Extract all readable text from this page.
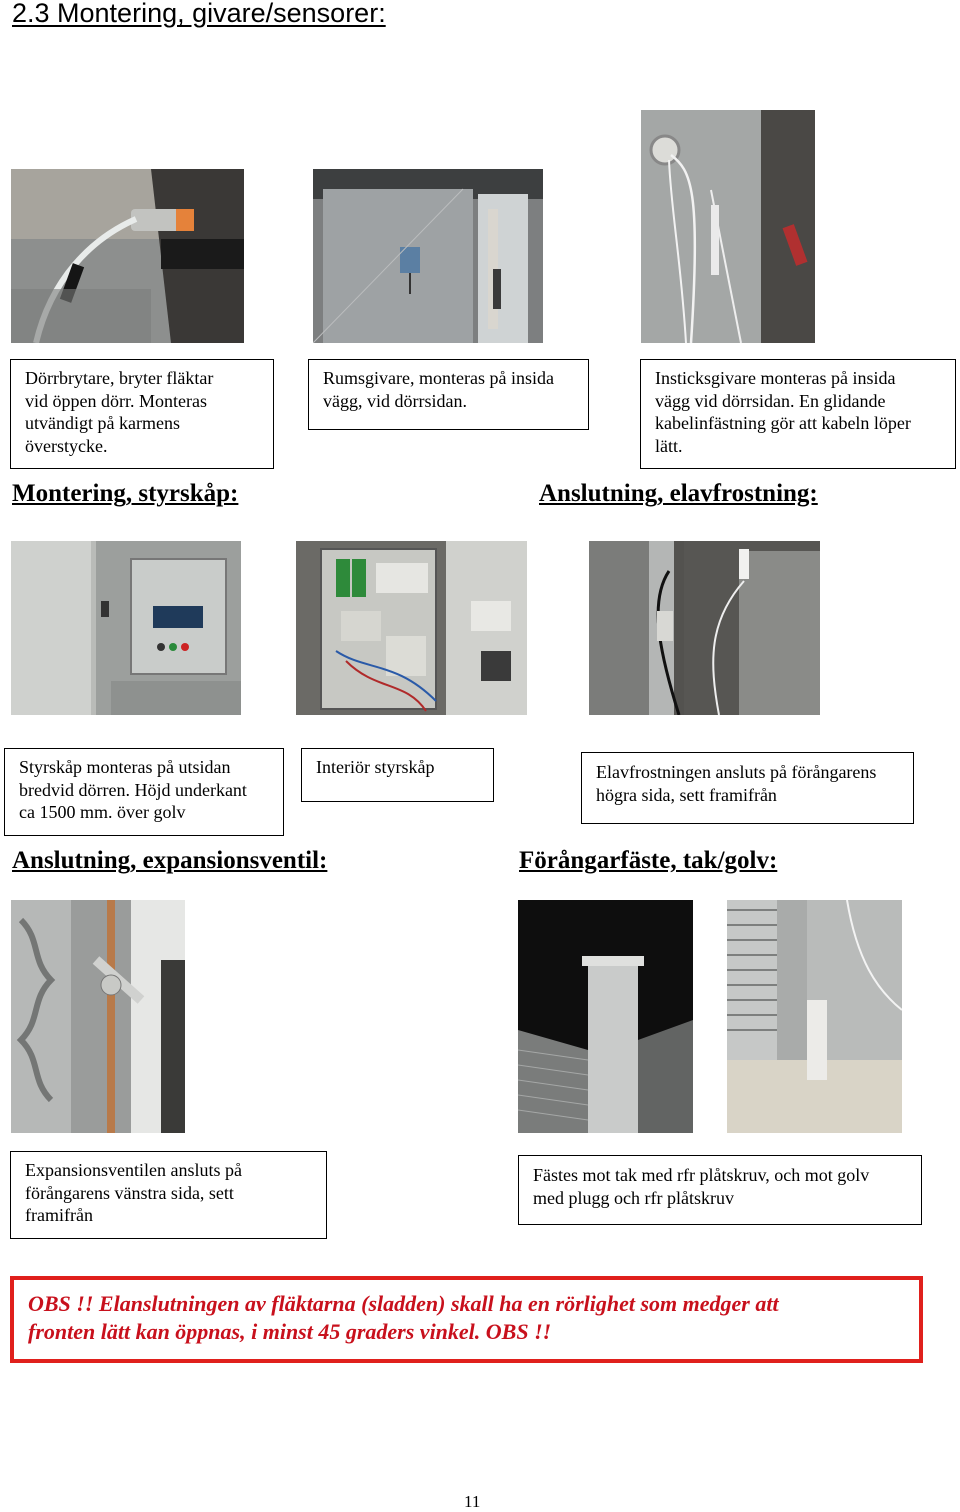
2.3 Montering, givare/sensorer:
Dörrbrytare, bryter fläktar
vid öppen dörr. Monteras
utvändigt på karmens
överstycke.
Rumsgivare, monteras på insida
vägg, vid dörrsidan.
Insticksgivare monteras på insida
vägg vid dörrsidan. En glidande
kabelinfästning gör att kabeln löper
lätt.
Montering, styrskåp:	Anslutning, elavfrostning:
Styrskåp monteras på utsidan
bredvid dörren. Höjd underkant
ca 1500 mm. över golv
Interiör styrskåp	Elavfrostningen ansluts på förångarens
högra sida, sett framifrån
Anslutning, expansionsventil:	Förångarfäste, tak/golv:
Expansionsventilen ansluts på
förångarens vänstra sida, sett
framifrån
Fästes mot tak med rfr plåtskruv, och mot golv
med plugg och rfr plåtskruv
OBS !! Elanslutningen av fläktarna (sladden) skall ha en rörlighet som medger att
fronten lätt kan öppnas, i minst 45 graders vinkel. OBS !!
11
